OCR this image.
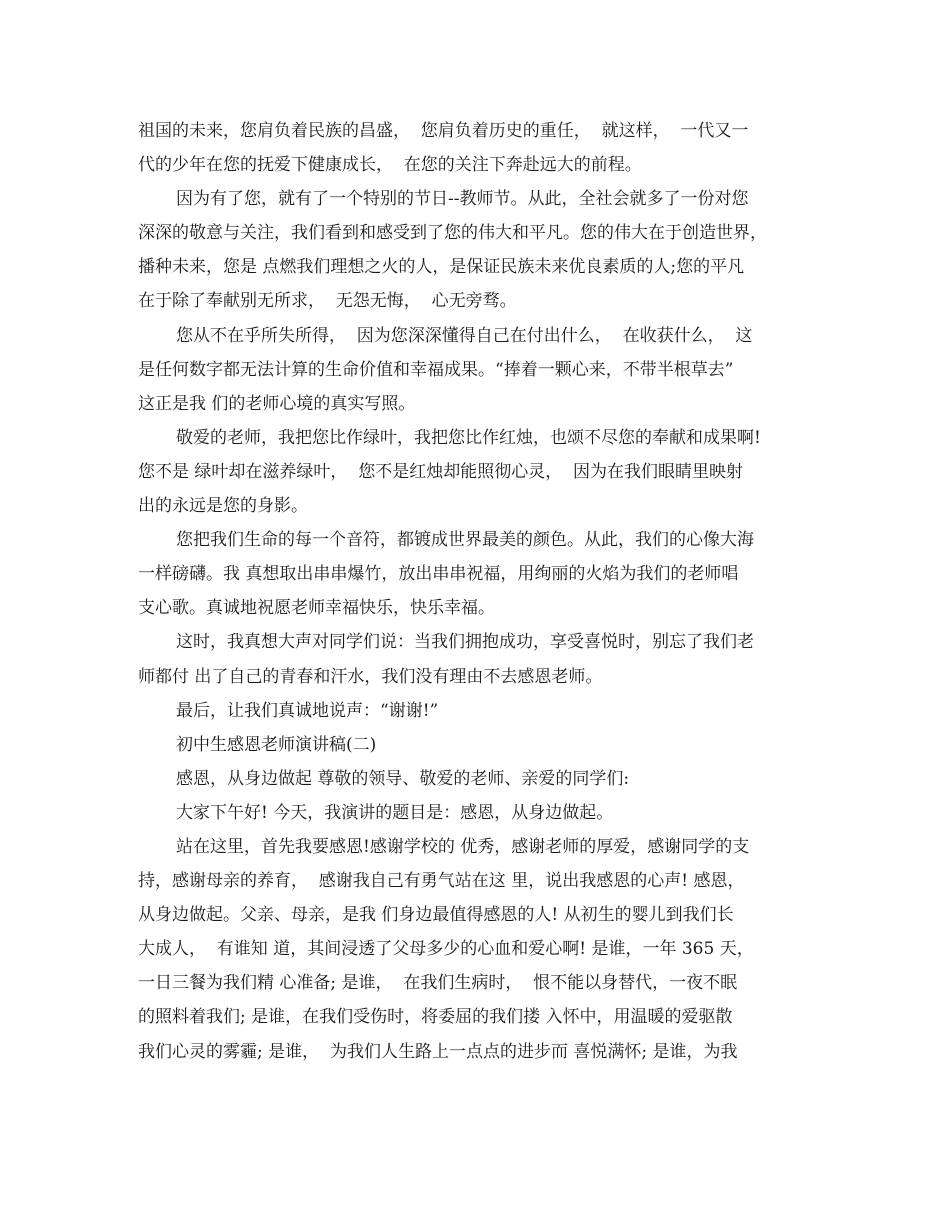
祖国的未来，您肩负着民族的昌盛，  您肩负着历史的重任，  就这样，  一代又一
代的少年在您的抚爱下健康成长，  在您的关注下奔赴远大的前程。
因为有了您，就有了一个特别的节日--教师节。从此，全社会就多了一份对您
深深的敬意与关注，我们看到和感受到了您的伟大和平凡。您的伟大在于创造世界，
播种未来，您是 点燃我们理想之火的人，是保证民族未来优良素质的人;您的平凡
在于除了奉献别无所求，  无怨无悔，  心无旁骛。
您从不在乎所失所得，  因为您深深懂得自己在付出什么，  在收获什么，  这
是任何数字都无法计算的生命价值和幸福成果。“捧着一颗心来，不带半根草去”
这正是我 们的老师心境的真实写照。
敬爱的老师，我把您比作绿叶，我把您比作红烛，也颂不尽您的奉献和成果啊!
您不是 绿叶却在滋养绿叶，  您不是红烛却能照彻心灵，  因为在我们眼睛里映射
出的永远是您的身影。
您把我们生命的每一个音符，都镀成世界最美的颜色。从此，我们的心像大海
一样磅礴。我 真想取出串串爆竹，放出串串祝福，用绚丽的火焰为我们的老师唱
支心歌。真诚地祝愿老师幸福快乐，快乐幸福。
这时，我真想大声对同学们说：当我们拥抱成功，享受喜悦时，别忘了我们老
师都付 出了自己的青春和汗水，我们没有理由不去感恩老师。
最后，让我们真诚地说声：“谢谢!”
初中生感恩老师演讲稿(二)
感恩，从身边做起 尊敬的领导、敬爱的老师、亲爱的同学们:
大家下午好! 今天，我演讲的题目是：感恩，从身边做起。
站在这里，首先我要感恩!感谢学校的 优秀，感谢老师的厚爱，感谢同学的支
持，感谢母亲的养育，  感谢我自己有勇气站在这 里，说出我感恩的心声! 感恩，
从身边做起。父亲、母亲，是我 们身边最值得感恩的人! 从初生的婴儿到我们长
大成人，  有谁知 道，其间浸透了父母多少的心血和爱心啊! 是谁，一年 365 天，
一日三餐为我们精 心准备; 是谁，  在我们生病时，  恨不能以身替代，一夜不眠
的照料着我们; 是谁，在我们受伤时，将委屈的我们搂 入怀中，用温暖的爱驱散
我们心灵的雾霾; 是谁，  为我们人生路上一点点的进步而 喜悦满怀; 是谁，为我
